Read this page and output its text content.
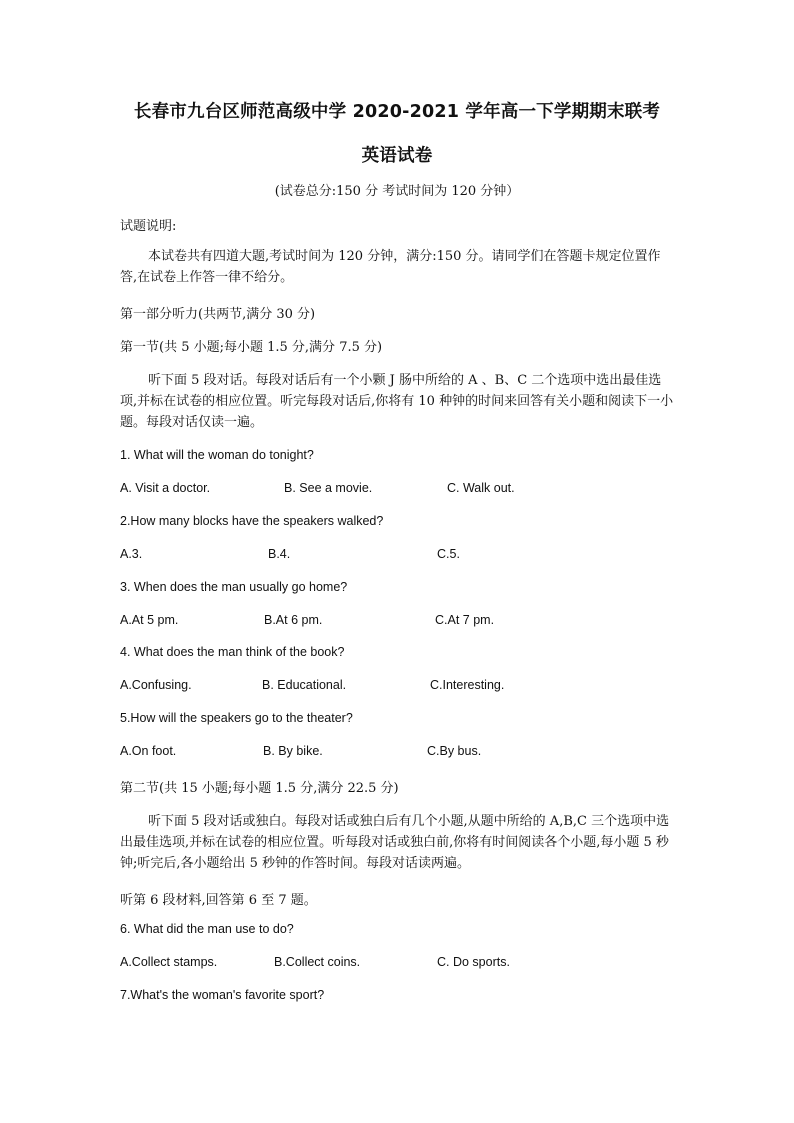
长春市九台区师范高级中学 2020-2021 学年高一下学期期末联考
英语试卷
(试卷总分:150 分 考试时间为 120 分钟）
试题说明:
本试卷共有四道大题,考试时间为 120 分钟，满分:150 分。请同学们在答题卡规定位置作答,在试卷上作答一律不给分。
第一部分听力(共两节,满分 30 分)
第一节(共 5 小题;每小题 1.5 分,满分 7.5 分)
听下面 5 段对话。每段对话后有一个小颗 J 肠中所给的 A 、B、C 二个选项中选出最佳选项,并标在试卷的相应位置。听完每段对话后,你将有 10 种钟的时间来回答有关小题和阅读下一小题。每段对话仅读一遍。
1. What will the woman do tonight?
A. Visit a doctor.	B. See a movie.	C. Walk out.
2.How many blocks have the speakers walked?
A.3.	B.4.	C.5.
3. When does the man usually go home?
A.At 5 pm.	B.At 6 pm.	C.At 7 pm.
4. What does the man think of the book?
A.Confusing.	B. Educational.	C.Interesting.
5.How will the speakers go to the theater?
A.On foot.	B. By bike.	C.By bus.
第二节(共 15 小题;每小题 1.5 分,满分 22.5 分)
听下面 5 段对话或独白。每段对话或独白后有几个小题,从题中所给的 A,B,C 三个选项中选出最佳选项,并标在试卷的相应位置。听每段对话或独白前,你将有时间阅读各个小题,每小题 5 秒钟;听完后,各小题给出 5 秒钟的作答时间。每段对话读两遍。
听第 6 段材料,回答第 6 至 7 题。
6. What did the man use to do?
A.Collect stamps.	B.Collect coins.	C. Do sports.
7.What's the woman's favorite sport?
